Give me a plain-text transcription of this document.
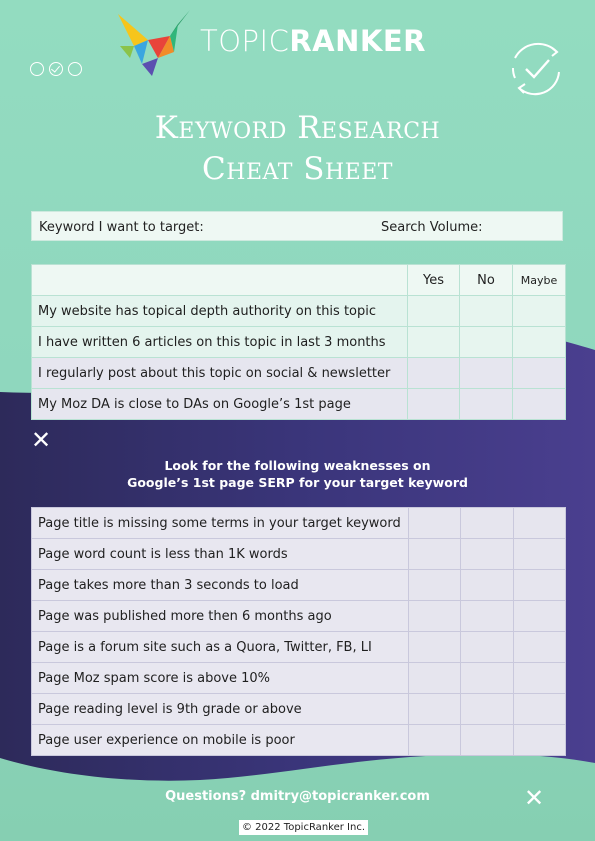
TOPICRANKER
Keyword Research
Cheat Sheet
Keyword I want to target:	Search Volume:
	Yes	No	Maybe
My website has topical depth authority on this topic			
I have written 6 articles on this topic in last 3 months			
I regularly post about this topic on social & newsletter			
My Moz DA is close to DAs on Google’s 1st page			
✕
Look for the following weaknesses on
Google’s 1st page SERP for your target keyword
Page title is missing some terms in your target keyword			
Page word count is less than 1K words			
Page takes more than 3 seconds to load			
Page was published more then 6 months ago			
Page is a forum site such as a Quora, Twitter, FB, LI			
Page Moz spam score is above 10%			
Page reading level is 9th grade or above			
Page user experience on mobile is poor			
Questions? dmitry@topicranker.com	✕
© 2022 TopicRanker Inc.
